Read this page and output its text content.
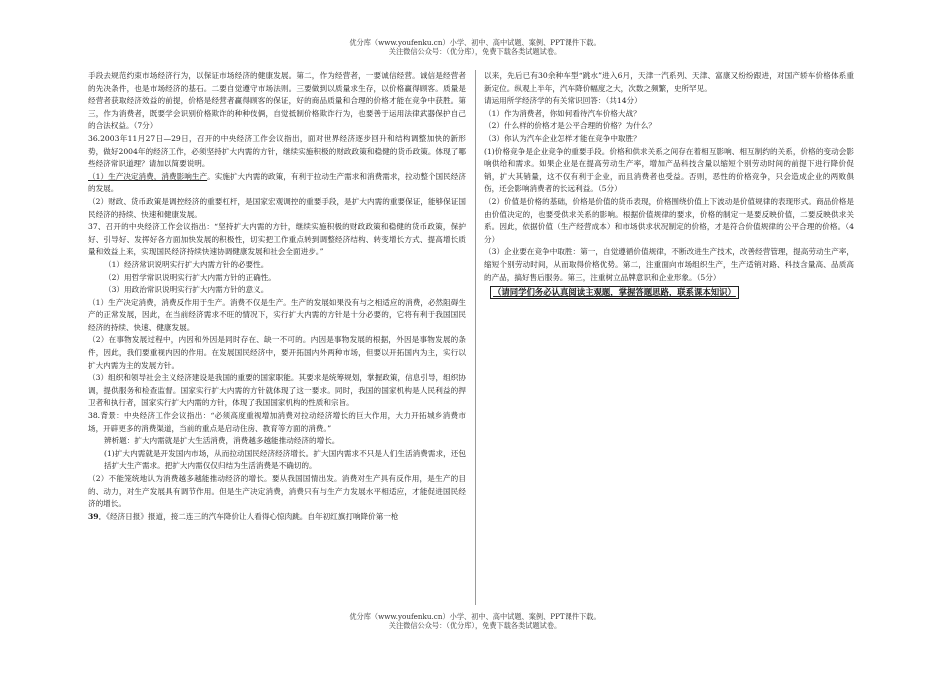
优分库（www.youfenku.cn）小学、初中、高中试题、案例、PPT课件下载。
关注微信公众号：（优分库），免费下载各类试题试卷。

手段去规范约束市场经济行为，以保证市场经济的健康发展。第二，作为经营者，一要诚信经营。诚信是经营者的先决条件，也是市场经济的基石。二要自觉遵守市场法则。三要做到以质量求生存，以价格赢得顾客。质量是经营者获取经济效益的前提，价格是经营者赢得顾客的保证，好的商品质量和合理的价格才能在竞争中获胜。第三，作为消费者，既要学会识别价格欺诈的种种伎俩，自觉抵制价格欺诈行为，也要善于运用法律武器保护自己的合法权益。（7分）

36.2003年11月27日—29日，召开的中央经济工作会议指出，面对世界经济逐步回升和结构调整加快的新形势，做好2004年的经济工作，必须坚持扩大内需的方针，继续实施积极的财政政策和稳健的货币政策。体现了哪些经济常识道理？请加以简要说明。

（1）生产决定消费，消费影响生产。实施扩大内需的政策，有利于拉动生产需求和消费需求，拉动整个国民经济的发展。

（2）财政、货币政策是调控经济的重要杠杆，是国家宏观调控的重要手段，是扩大内需的重要保证，能够保证国民经济的持续、快速和健康发展。

37、召开的中央经济工作会议指出：“坚持扩大内需的方针，继续实施积极的财政政策和稳健的货币政策，保护好、引导好、发挥好各方面加快发展的积极性，切实把工作重点转到调整经济结构、转变增长方式、提高增长质量和效益上来，实现国民经济持续快速协调健康发展和社会全面进步。”

（1）经济常识说明实行扩大内需方针的必要性。

（2）用哲学常识说明实行扩大内需方针的正确性。

（3）用政治常识说明实行扩大内需方针的意义。

（1）生产决定消费，消费反作用于生产。消费不仅是生产。生产的发展如果没有与之相适应的消费，必然阻碍生产的正常发展，因此，在当前经济需求不旺的情况下，实行扩大内需的方针是十分必要的，它将有利于我国国民经济的持续、快速、健康发展。

（2）在事物发展过程中，内因和外因是同时存在、缺一不可的。内因是事物发展的根据，外因是事物发展的条件，因此，我们要重视内因的作用。在发展国民经济中，要开拓国内外两种市场，但要以开拓国内为主，实行以扩大内需为主的发展方针。

（3）组织和领导社会主义经济建设是我国的重要的国家职能。其要求是统筹规划，掌握政策，信息引导，组织协调，提供服务和检查监督。国家实行扩大内需的方针就体现了这一要求。同时，我国的国家机构是人民利益的捍卫者和执行者，国家实行扩大内需的方针，体现了我国国家机构的性质和宗旨。

38.背景：中央经济工作会议指出：“必须高度重视增加消费对拉动经济增长的巨大作用，大力开拓城乡消费市场，开辟更多的消费渠道，当前的重点是启动住房、教育等方面的消费。”

辨析题：扩大内需就是扩大生活消费，消费越多越能推动经济的增长。

(1)扩大内需就是开发国内市场，从而拉动国民经济经济增长。扩大国内需求不只是人们生活消费需求，还包括扩大生产需求。把扩大内需仅仅归结为生活消费是不确切的。

（2）不能笼统地认为消费越多越能推动经济的增长。要从我国国情出发。消费对生产具有反作用，是生产的目的、动力，对生产发展具有调节作用。但是生产决定消费，消费只有与生产力发展水平相适应，才能促进国民经济的增长。

39．《经济日报》报道，接二连三的汽车降价让人看得心惊肉跳。自年初红旗打响降价第一枪

以来，先后已有30余种车型“跳水”进入6月，天津一汽系列、天津、富康又纷纷跟进，对国产轿车价格体系重新定位。纵观上半年，汽车降价幅度之大，次数之频繁，史所罕见。

请运用所学经济学的有关常识回答：（共14分）

（1）作为消费者，你如何看待汽车价格大战？

（2）什么样的价格才是公平合理的价格？为什么？

（3）你认为汽车企业怎样才能在竞争中取胜？

(1)价格竞争是企业竞争的重要手段。价格和供求关系之间存在着相互影响、相互制约的关系，价格的变动会影响供给和需求。如果企业是在提高劳动生产率，增加产品科技含量以缩短个别劳动时间的前提下进行降价促销，扩大其销量，这不仅有利于企业，而且消费者也受益。否则，恶性的价格竞争，只会造成企业的两败俱伤，还会影响消费者的长远利益。（5分）

（2）价值是价格的基础，价格是价值的货币表现，价格围绕价值上下波动是价值规律的表现形式。商品价格是由价值决定的，也要受供求关系的影响。根据价值规律的要求，价格的制定一是要反映价值，二要反映供求关系。因此，依据价值（生产经营成本）和市场供求状况制定的价格，才是符合价值规律的公平合理的价格。（4分）

（3）企业要在竞争中取胜：第一，自觉遵循价值规律，不断改进生产技术，改善经营管理，提高劳动生产率，缩短个别劳动时间，从而取得价格优势。第二，注重面向市场组织生产，生产适销对路、科技含量高、品质高的产品，搞好售后服务。第三，注重树立品牌意识和企业形象。（5分）

（请同学们务必认真阅读主观题，掌握答题思路，联系课本知识）
优分库（www.youfenku.cn）小学、初中、高中试题、案例、PPT课件下载。
关注微信公众号：（优分库），免费下载各类试题试卷。
